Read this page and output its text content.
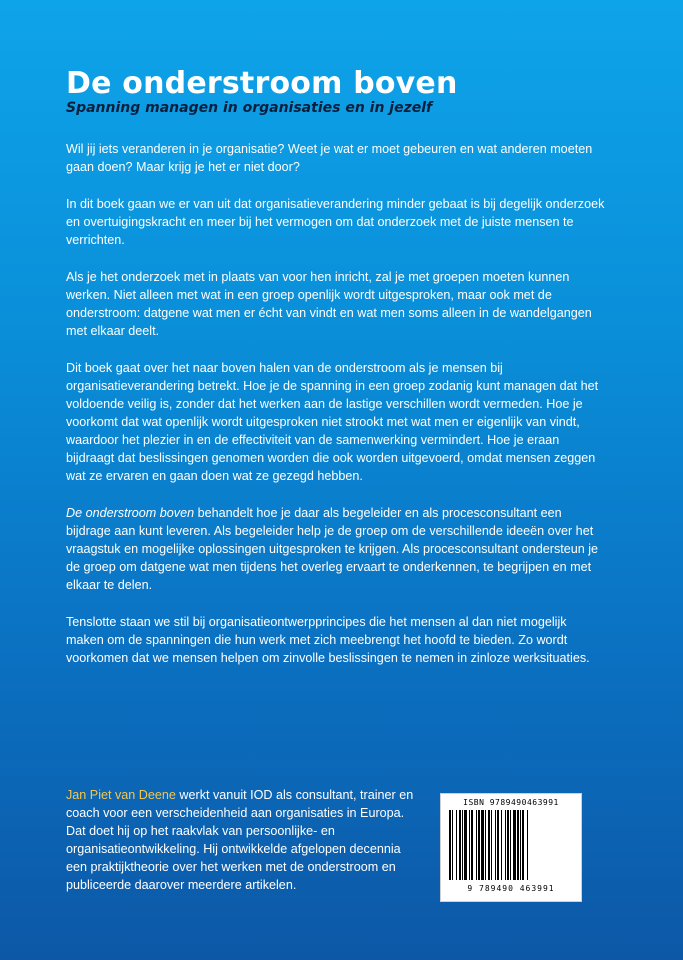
De onderstroom boven
Spanning managen in organisaties en in jezelf

Wil jij iets veranderen in je organisatie? Weet je wat er moet gebeuren en wat anderen moeten gaan doen? Maar krijg je het er niet door?

In dit boek gaan we er van uit dat organisatieverandering minder gebaat is bij degelijk onderzoek en overtuigingskracht en meer bij het vermogen om dat onderzoek met de juiste mensen te verrichten.

Als je het onderzoek met in plaats van voor hen inricht, zal je met groepen moeten kunnen werken. Niet alleen met wat in een groep openlijk wordt uitgesproken, maar ook met de onderstroom: datgene wat men er écht van vindt en wat men soms alleen in de wandelgangen met elkaar deelt.

Dit boek gaat over het naar boven halen van de onderstroom als je mensen bij organisatieverandering betrekt. Hoe je de spanning in een groep zodanig kunt managen dat het voldoende veilig is, zonder dat het werken aan de lastige verschillen wordt vermeden. Hoe je voorkomt dat wat openlijk wordt uitgesproken niet strookt met wat men er eigenlijk van vindt, waardoor het plezier in en de effectiviteit van de samenwerking vermindert. Hoe je eraan bijdraagt dat beslissingen genomen worden die ook worden uitgevoerd, omdat mensen zeggen wat ze ervaren en gaan doen wat ze gezegd hebben.

De onderstroom boven behandelt hoe je daar als begeleider en als procesconsultant een bijdrage aan kunt leveren. Als begeleider help je de groep om de verschillende ideeën over het vraagstuk en mogelijke oplossingen uitgesproken te krijgen. Als procesconsultant ondersteun je de groep om datgene wat men tijdens het overleg ervaart te onderkennen, te begrijpen en met elkaar te delen.

Tenslotte staan we stil bij organisatieontwerpprincipes die het mensen al dan niet mogelijk maken om de spanningen die hun werk met zich meebrengt het hoofd te bieden. Zo wordt voorkomen dat we mensen helpen om zinvolle beslissingen te nemen in zinloze werksituaties.

Jan Piet van Deene werkt vanuit IOD als consultant, trainer en coach voor een verscheidenheid aan organisaties in Europa. Dat doet hij op het raakvlak van persoonlijke- en organisatieontwikkeling. Hij ontwikkelde afgelopen decennia een praktijktheorie over het werken met de onderstroom en publiceerde daarover meerdere artikelen.
ISBN 9789490463991
9 789490 463991
